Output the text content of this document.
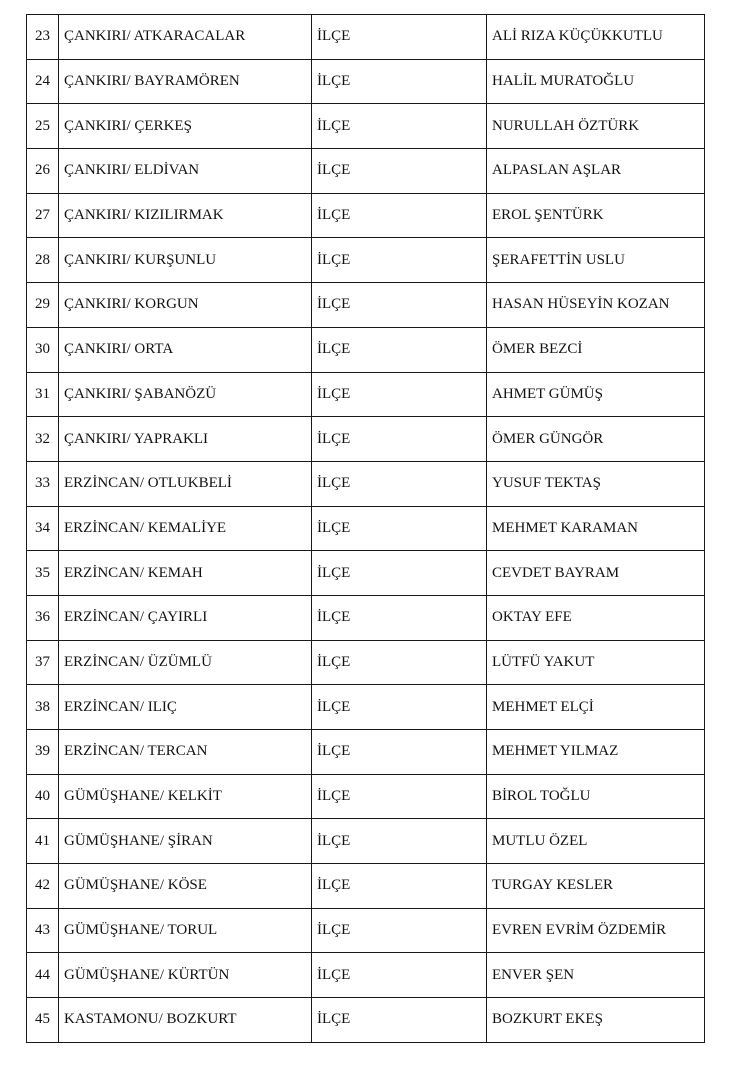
23	ÇANKIRI/ ATKARACALAR	İLÇE	ALİ RIZA KÜÇÜKKUTLU
24	ÇANKIRI/ BAYRAMÖREN	İLÇE	HALİL MURATOĞLU
25	ÇANKIRI/ ÇERKEŞ	İLÇE	NURULLAH ÖZTÜRK
26	ÇANKIRI/ ELDİVAN	İLÇE	ALPASLAN AŞLAR
27	ÇANKIRI/ KIZILIRMAK	İLÇE	EROL ŞENTÜRK
28	ÇANKIRI/ KURŞUNLU	İLÇE	ŞERAFETTİN USLU
29	ÇANKIRI/ KORGUN	İLÇE	HASAN HÜSEYİN KOZAN
30	ÇANKIRI/ ORTA	İLÇE	ÖMER BEZCİ
31	ÇANKIRI/ ŞABANÖZÜ	İLÇE	AHMET GÜMÜŞ
32	ÇANKIRI/ YAPRAKLI	İLÇE	ÖMER GÜNGÖR
33	ERZİNCAN/ OTLUKBELİ	İLÇE	YUSUF TEKTAŞ
34	ERZİNCAN/ KEMALİYE	İLÇE	MEHMET KARAMAN
35	ERZİNCAN/ KEMAH	İLÇE	CEVDET BAYRAM
36	ERZİNCAN/ ÇAYIRLI	İLÇE	OKTAY EFE
37	ERZİNCAN/ ÜZÜMLÜ	İLÇE	LÜTFÜ YAKUT
38	ERZİNCAN/ ILIÇ	İLÇE	MEHMET ELÇİ
39	ERZİNCAN/ TERCAN	İLÇE	MEHMET YILMAZ
40	GÜMÜŞHANE/ KELKİT	İLÇE	BİROL TOĞLU
41	GÜMÜŞHANE/ ŞİRAN	İLÇE	MUTLU ÖZEL
42	GÜMÜŞHANE/ KÖSE	İLÇE	TURGAY KESLER
43	GÜMÜŞHANE/ TORUL	İLÇE	EVREN EVRİM ÖZDEMİR
44	GÜMÜŞHANE/ KÜRTÜN	İLÇE	ENVER ŞEN
45	KASTAMONU/ BOZKURT	İLÇE	BOZKURT EKEŞ
